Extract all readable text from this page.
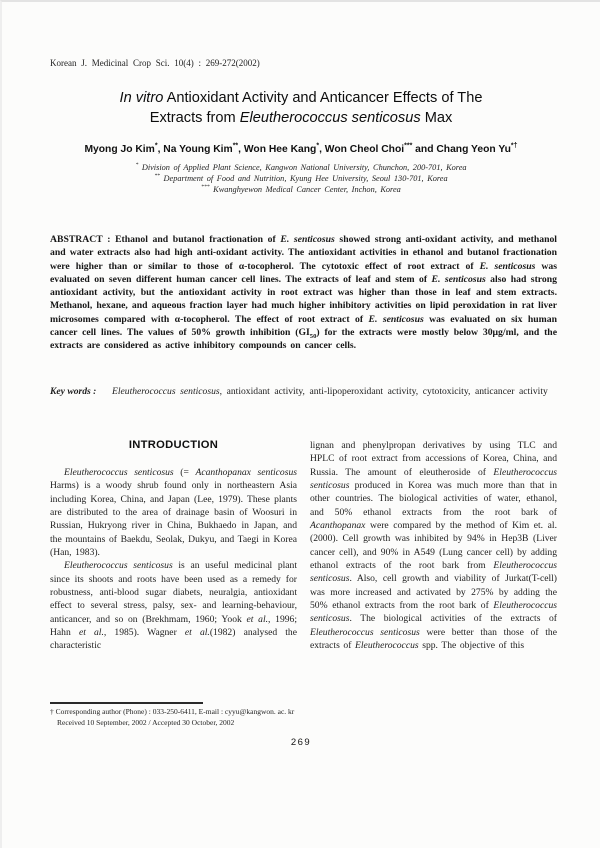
Korean J. Medicinal Crop Sci. 10(4) : 269-272(2002)
In vitro Antioxidant Activity and Anticancer Effects of The
Extracts from Eleutherococcus senticosus Max
Myong Jo Kim*, Na Young Kim**, Won Hee Kang*, Won Cheol Choi*** and Chang Yeon Yu*†
* Division of Applied Plant Science, Kangwon National University, Chunchon, 200-701, Korea
** Department of Food and Nutrition, Kyung Hee University, Seoul 130-701, Korea
*** Kwanghyewon Medical Cancer Center, Inchon, Korea
ABSTRACT : Ethanol and butanol fractionation of E. senticosus showed strong anti-oxidant activity, and methanol and water extracts also had high anti-oxidant activity. The antioxidant activities in ethanol and butanol fractionation were higher than or similar to those of α-tocopherol. The cytotoxic effect of root extract of E. senticosus was evaluated on seven different human cancer cell lines. The extracts of leaf and stem of E. senticosus also had strong antioxidant activity, but the antioxidant activity in root extract was higher than those in leaf and stem extracts. Methanol, hexane, and aqueous fraction layer had much higher inhibitory activities on lipid peroxidation in rat liver microsomes compared with α-tocopherol. The effect of root extract of E. senticosus was evaluated on six human cancer cell lines. The values of 50% growth inhibition $(GI_{50})$ for the extracts were mostly below 30μg/ml, and the extracts are considered as active inhibitory compounds on cancer cells.
Key words :	Eleutherococcus senticosus, antioxidant activity, anti-lipoperoxidant activity, cytotoxicity, anticancer activity
INTRODUCTION

Eleutherococcus senticosus (= Acanthopanax senticosus Harms) is a woody shrub found only in northeastern Asia including Korea, China, and Japan (Lee, 1979). These plants are distributed to the area of drainage basin of Woosuri in Russian, Hukryong river in China, Bukhaedo in Japan, and the mountains of Baekdu, Seolak, Dukyu, and Taegi in Korea (Han, 1983).

Eleutherococcus senticosus is an useful medicinal plant since its shoots and roots have been used as a remedy for robustness, anti-blood sugar diabets, neuralgia, antioxidant effect to several stress, palsy, sex- and learning-behaviour, anticancer, and so on (Brekhmam, 1960; Yook et al., 1996; Hahn et al., 1985). Wagner et al.(1982) analysed the characteristic

lignan and phenylpropan derivatives by using TLC and HPLC of root extract from accessions of Korea, China, and Russia. The amount of eleutheroside of Eleutherococcus senticosus produced in Korea was much more than that in other countries. The biological activities of water, ethanol, and 50% ethanol extracts from the root bark of Acanthopanax were compared by the method of Kim et. al.(2000). Cell growth was inhibited by 94% in Hep3B (Liver cancer cell), and 90% in A549 (Lung cancer cell) by adding ethanol extracts of the root bark from Eleutherococcus senticosus. Also, cell growth and viability of Jurkat(T-cell) was more increased and activated by 275% by adding the 50% ethanol extracts from the root bark of Eleutherococcus senticosus. The biological activities of the extracts of Eleutherococcus senticosus were better than those of the extracts of Eleutherococcus spp. The objective of this

† Corresponding author (Phone) : 033-250-6411, E-mail : cyyu@kangwon. ac. kr
Received 10 September, 2002 / Accepted 30 October, 2002
269
